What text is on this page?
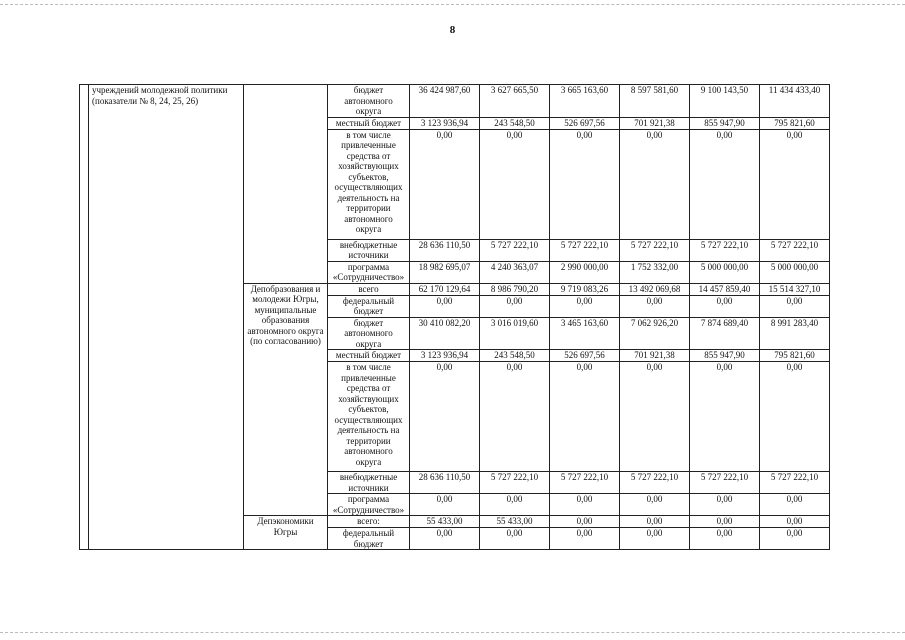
8
	учреждений молодежной политики (показатели № 8, 24, 25, 26)		бюджет автономного округа	36 424 987,60	3 627 665,50	3 665 163,60	8 597 581,60	9 100 143,50	11 434 433,40
			местный бюджет	3 123 936,94	243 548,50	526 697,56	701 921,38	855 947,90	795 821,60
			в том числе привлеченные средства от хозяйствующих субъектов, осуществляющих деятельность на территории автономного округа	0,00	0,00	0,00	0,00	0,00	0,00
			внебюджетные источники	28 636 110,50	5 727 222,10	5 727 222,10	5 727 222,10	5 727 222,10	5 727 222,10
			программа «Сотрудничество»	18 982 695,07	4 240 363,07	2 990 000,00	1 752 332,00	5 000 000,00	5 000 000,00
		Депобразования и молодежи Югры, муниципальные образования автономного округа (по согласованию)	всего	62 170 129,64	8 986 790,20	9 719 083,26	13 492 069,68	14 457 859,40	15 514 327,10
			федеральный бюджет	0,00	0,00	0,00	0,00	0,00	0,00
			бюджет автономного округа	30 410 082,20	3 016 019,60	3 465 163,60	7 062 926,20	7 874 689,40	8 991 283,40
			местный бюджет	3 123 936,94	243 548,50	526 697,56	701 921,38	855 947,90	795 821,60
			в том числе привлеченные средства от хозяйствующих субъектов, осуществляющих деятельность на территории автономного округа	0,00	0,00	0,00	0,00	0,00	0,00
			внебюджетные источники	28 636 110,50	5 727 222,10	5 727 222,10	5 727 222,10	5 727 222,10	5 727 222,10
			программа «Сотрудничество»	0,00	0,00	0,00	0,00	0,00	0,00
		Депэкономики Югры	всего:	55 433,00	55 433,00	0,00	0,00	0,00	0,00
			федеральный бюджет	0,00	0,00	0,00	0,00	0,00	0,00
